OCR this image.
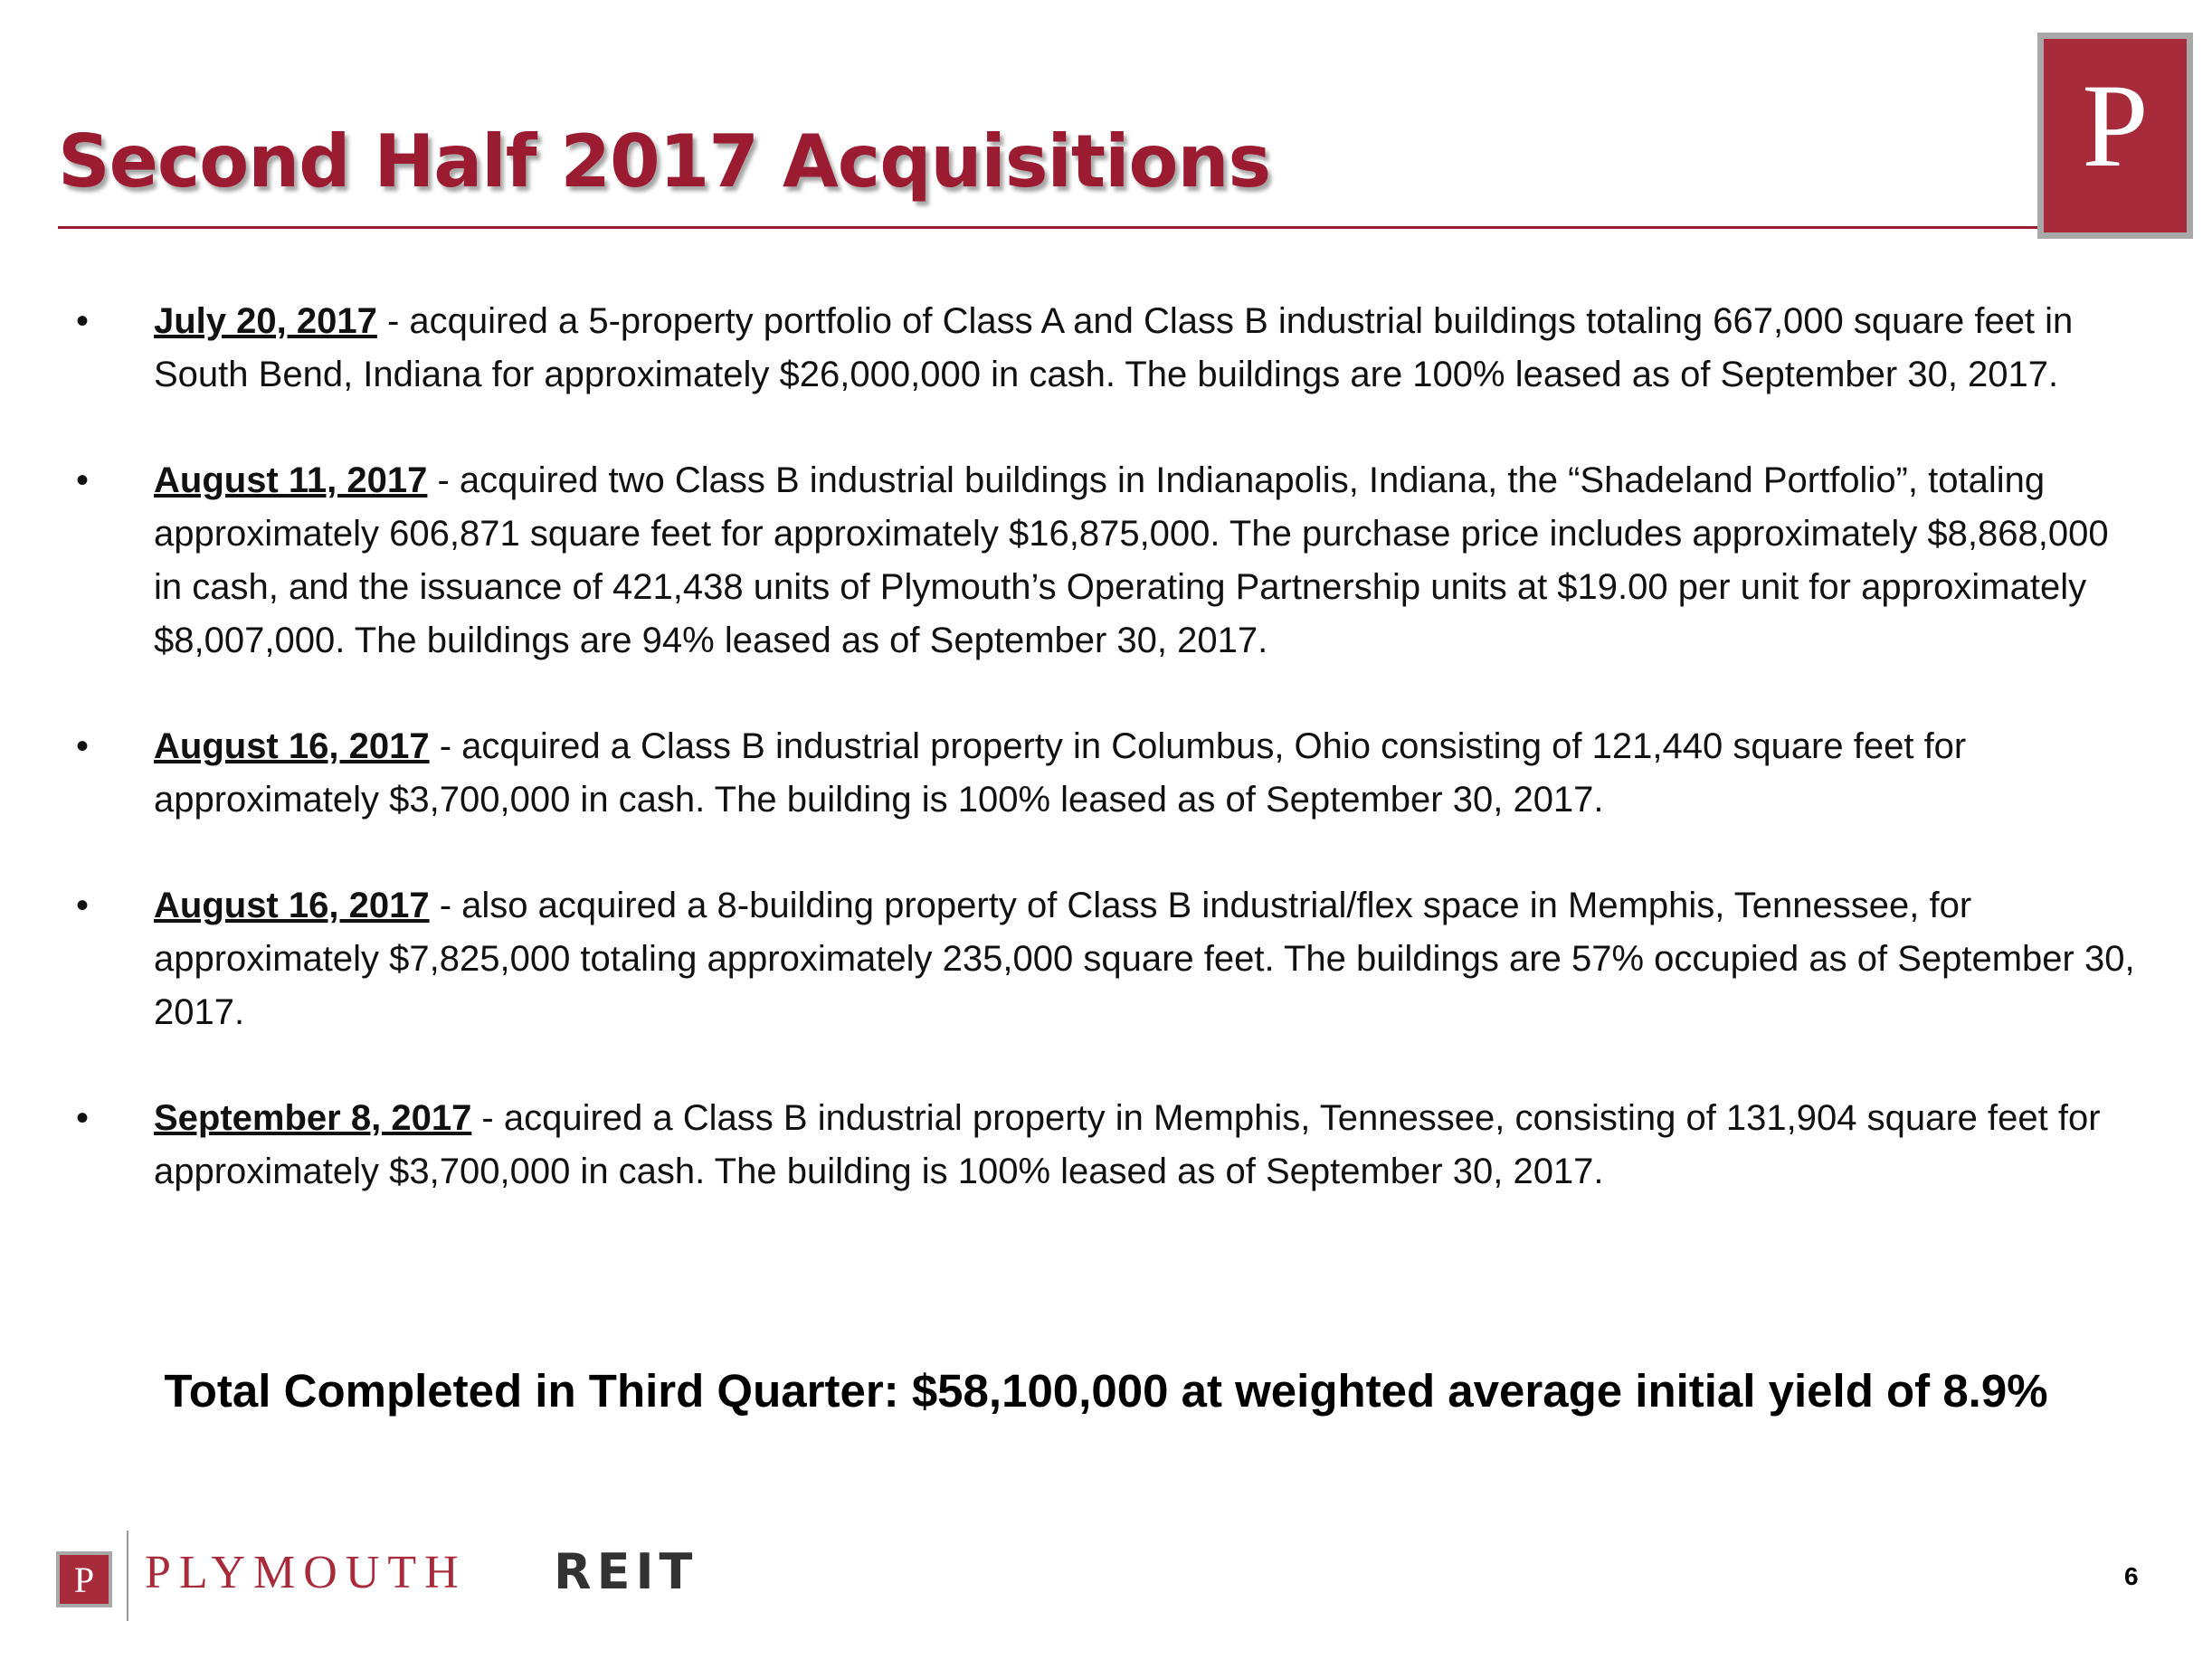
Second Half 2017 Acquisitions	P
•	July 20, 2017 - acquired a 5-property portfolio of Class A and Class B industrial buildings totaling 667,000 square feet in South Bend, Indiana for approximately $26,000,000 in cash. The buildings are 100% leased as of September 30, 2017.
•	August 11, 2017 - acquired two Class B industrial buildings in Indianapolis, Indiana, the “Shadeland Portfolio”, totaling approximately 606,871 square feet for approximately $16,875,000. The purchase price includes approximately $8,868,000 in cash, and the issuance of 421,438 units of Plymouth’s Operating Partnership units at $19.00 per unit for approximately $8,007,000. The buildings are 94% leased as of September 30, 2017.
•	August 16, 2017 - acquired a Class B industrial property in Columbus, Ohio consisting of 121,440 square feet for approximately $3,700,000 in cash. The building is 100% leased as of September 30, 2017.
•	August 16, 2017 - also acquired a 8-building property of Class B industrial/flex space in Memphis, Tennessee, for approximately $7,825,000 totaling approximately 235,000 square feet. The buildings are 57% occupied as of September 30, 2017.
•	September 8, 2017 - acquired a Class B industrial property in Memphis, Tennessee, consisting of 131,904 square feet for approximately $3,700,000 in cash. The building is 100% leased as of September 30, 2017.
Total Completed in Third Quarter: $58,100,000 at weighted average initial yield of 8.9%
P	PLYMOUTH REIT	6
